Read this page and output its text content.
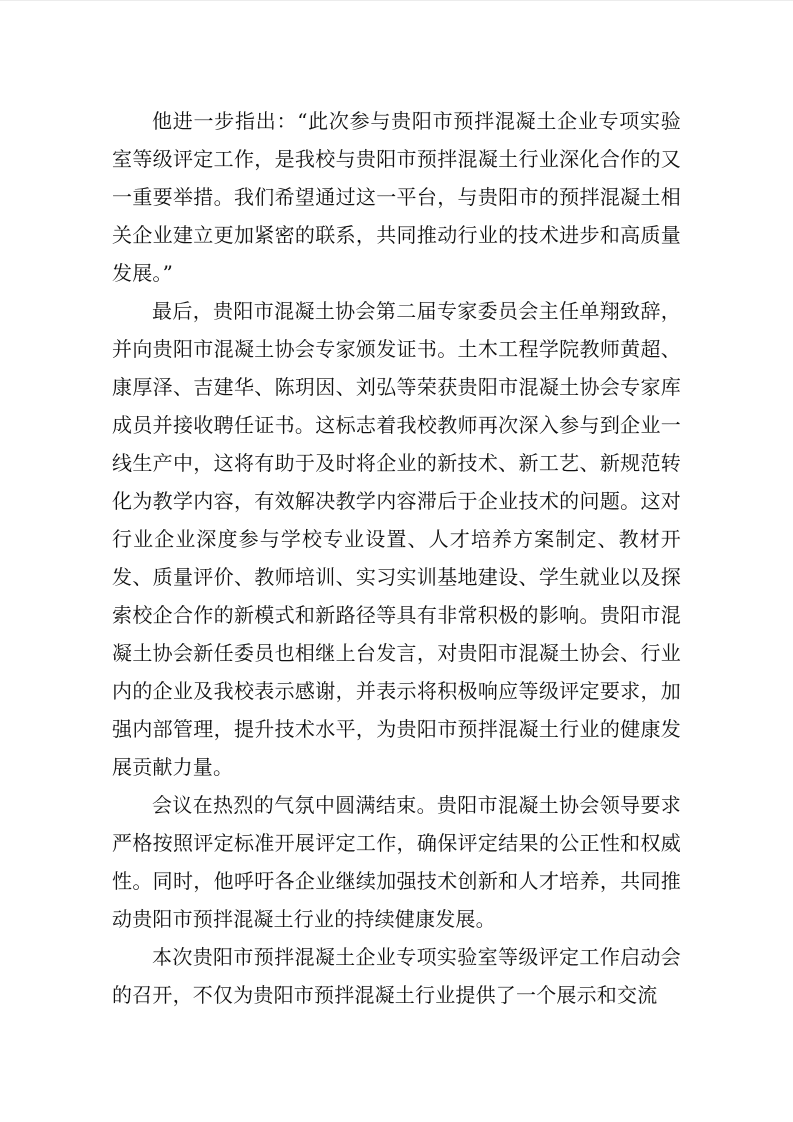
他进一步指出：“此次参与贵阳市预拌混凝土企业专项实验室等级评定工作，是我校与贵阳市预拌混凝土行业深化合作的又一重要举措。我们希望通过这一平台，与贵阳市的预拌混凝土相关企业建立更加紧密的联系，共同推动行业的技术进步和高质量发展。”

最后，贵阳市混凝土协会第二届专家委员会主任单翔致辞，并向贵阳市混凝土协会专家颁发证书。土木工程学院教师黄超、康厚泽、吉建华、陈玥因、刘弘等荣获贵阳市混凝土协会专家库成员并接收聘任证书。这标志着我校教师再次深入参与到企业一线生产中，这将有助于及时将企业的新技术、新工艺、新规范转化为教学内容，有效解决教学内容滞后于企业技术的问题。这对行业企业深度参与学校专业设置、人才培养方案制定、教材开发、质量评价、教师培训、实习实训基地建设、学生就业以及探索校企合作的新模式和新路径等具有非常积极的影响。贵阳市混凝土协会新任委员也相继上台发言，对贵阳市混凝土协会、行业内的企业及我校表示感谢，并表示将积极响应等级评定要求，加强内部管理，提升技术水平，为贵阳市预拌混凝土行业的健康发展贡献力量。

会议在热烈的气氛中圆满结束。贵阳市混凝土协会领导要求严格按照评定标准开展评定工作，确保评定结果的公正性和权威性。同时，他呼吁各企业继续加强技术创新和人才培养，共同推动贵阳市预拌混凝土行业的持续健康发展。

本次贵阳市预拌混凝土企业专项实验室等级评定工作启动会的召开，不仅为贵阳市预拌混凝土行业提供了一个展示和交流
